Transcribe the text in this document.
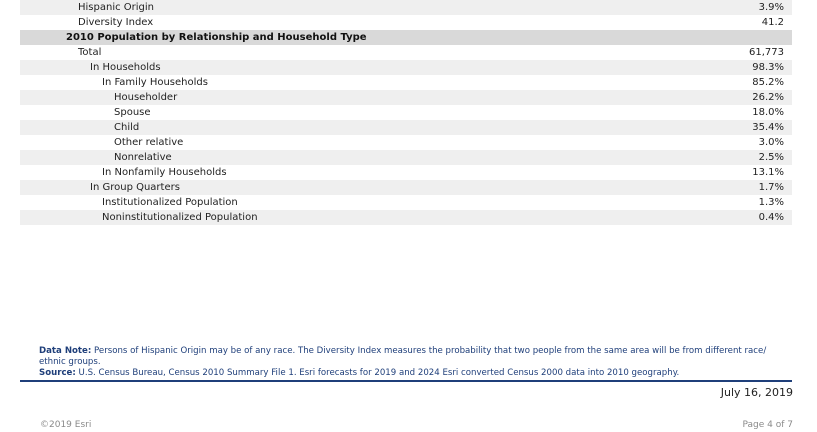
Hispanic Origin	3.9%
Diversity Index	41.2
2010 Population by Relationship and Household Type
Total	61,773
In Households	98.3%
In Family Households	85.2%
Householder	26.2%
Spouse	18.0%
Child	35.4%
Other relative	3.0%
Nonrelative	2.5%
In Nonfamily Households	13.1%
In Group Quarters	1.7%
Institutionalized Population	1.3%
Noninstitutionalized Population	0.4%
Data Note: Persons of Hispanic Origin may be of any race. The Diversity Index measures the probability that two people from the same area will be from different race/ ethnic groups.
Source: U.S. Census Bureau, Census 2010 Summary File 1. Esri forecasts for 2019 and 2024 Esri converted Census 2000 data into 2010 geography.
July 16, 2019
©2019 Esri	Page 4 of 7
